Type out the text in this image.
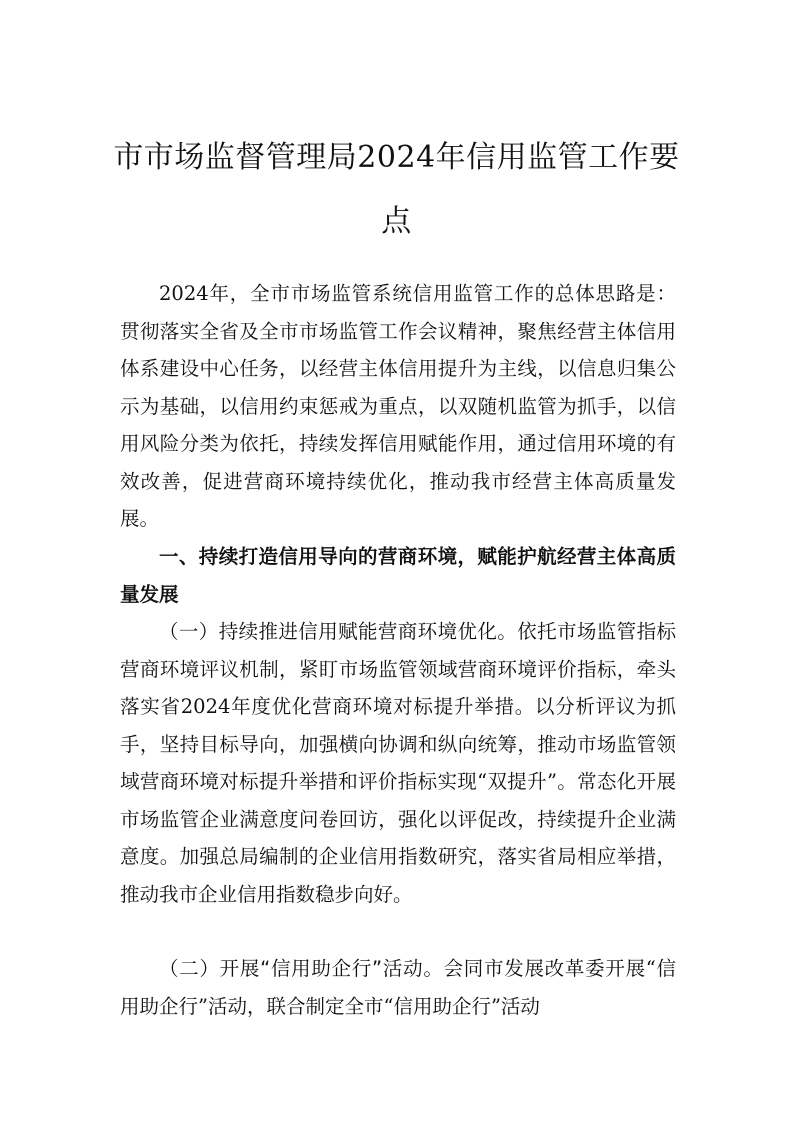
市市场监督管理局2024年信用监管工作要点

2024年，全市市场监管系统信用监管工作的总体思路是：贯彻落实全省及全市市场监管工作会议精神，聚焦经营主体信用体系建设中心任务，以经营主体信用提升为主线，以信息归集公示为基础，以信用约束惩戒为重点，以双随机监管为抓手，以信用风险分类为依托，持续发挥信用赋能作用，通过信用环境的有效改善，促进营商环境持续优化，推动我市经营主体高质量发展。

一、持续打造信用导向的营商环境，赋能护航经营主体高质量发展

（一）持续推进信用赋能营商环境优化。依托市场监管指标营商环境评议机制，紧盯市场监管领域营商环境评价指标，牵头落实省2024年度优化营商环境对标提升举措。以分析评议为抓手，坚持目标导向，加强横向协调和纵向统筹，推动市场监管领域营商环境对标提升举措和评价指标实现“双提升”。常态化开展市场监管企业满意度问卷回访，强化以评促改，持续提升企业满意度。加强总局编制的企业信用指数研究，落实省局相应举措，推动我市企业信用指数稳步向好。

（二）开展“信用助企行”活动。会同市发展改革委开展“信用助企行”活动，联合制定全市“信用助企行”活动
